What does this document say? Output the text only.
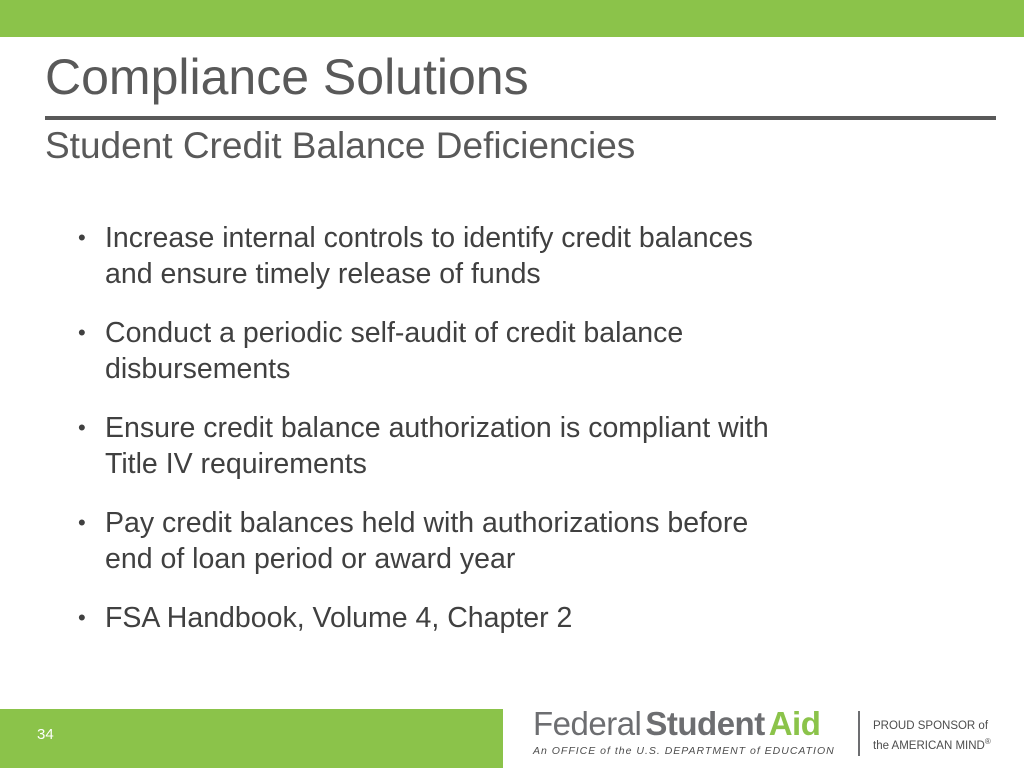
Compliance Solutions
Student Credit Balance Deficiencies
• Increase internal controls to identify credit balances
and ensure timely release of funds
• Conduct a periodic self-audit of credit balance
disbursements
• Ensure credit balance authorization is compliant with
Title IV requirements
• Pay credit balances held with authorizations before
end of loan period or award year
• FSA Handbook, Volume 4, Chapter 2
34	Federal Student Aid
An OFFICE of the U.S. DEPARTMENT of EDUCATION
PROUD SPONSOR of
the AMERICAN MIND®
